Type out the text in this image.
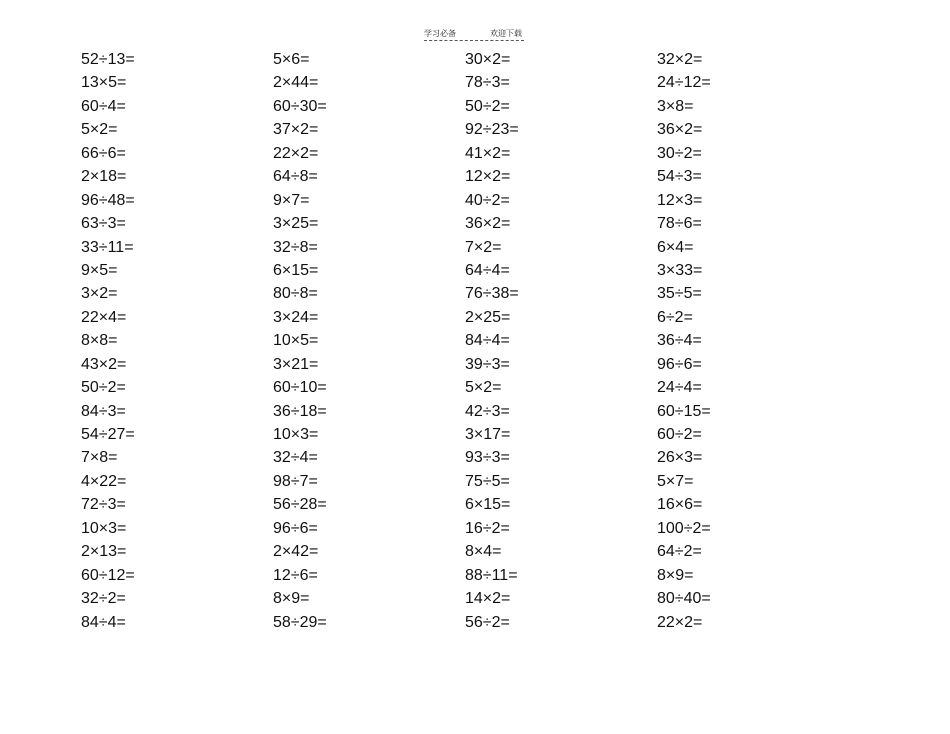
学习必备	欢迎下载
52÷13=
13×5=
60÷4=
5×2=
66÷6=
2×18=
96÷48=
63÷3=
33÷11=
9×5=
3×2=
22×4=
8×8=
43×2=
50÷2=
84÷3=
54÷27=
7×8=
4×22=
72÷3=
10×3=
2×13=
60÷12=
32÷2=
84÷4=
5×6=
2×44=
60÷30=
37×2=
22×2=
64÷8=
9×7=
3×25=
32÷8=
6×15=
80÷8=
3×24=
10×5=
3×21=
60÷10=
36÷18=
10×3=
32÷4=
98÷7=
56÷28=
96÷6=
2×42=
12÷6=
8×9=
58÷29=
30×2=
78÷3=
50÷2=
92÷23=
41×2=
12×2=
40÷2=
36×2=
7×2=
64÷4=
76÷38=
2×25=
84÷4=
39÷3=
5×2=
42÷3=
3×17=
93÷3=
75÷5=
6×15=
16÷2=
8×4=
88÷11=
14×2=
56÷2=
32×2=
24÷12=
3×8=
36×2=
30÷2=
54÷3=
12×3=
78÷6=
6×4=
3×33=
35÷5=
6÷2=
36÷4=
96÷6=
24÷4=
60÷15=
60÷2=
26×3=
5×7=
16×6=
100÷2=
64÷2=
8×9=
80÷40=
22×2=
